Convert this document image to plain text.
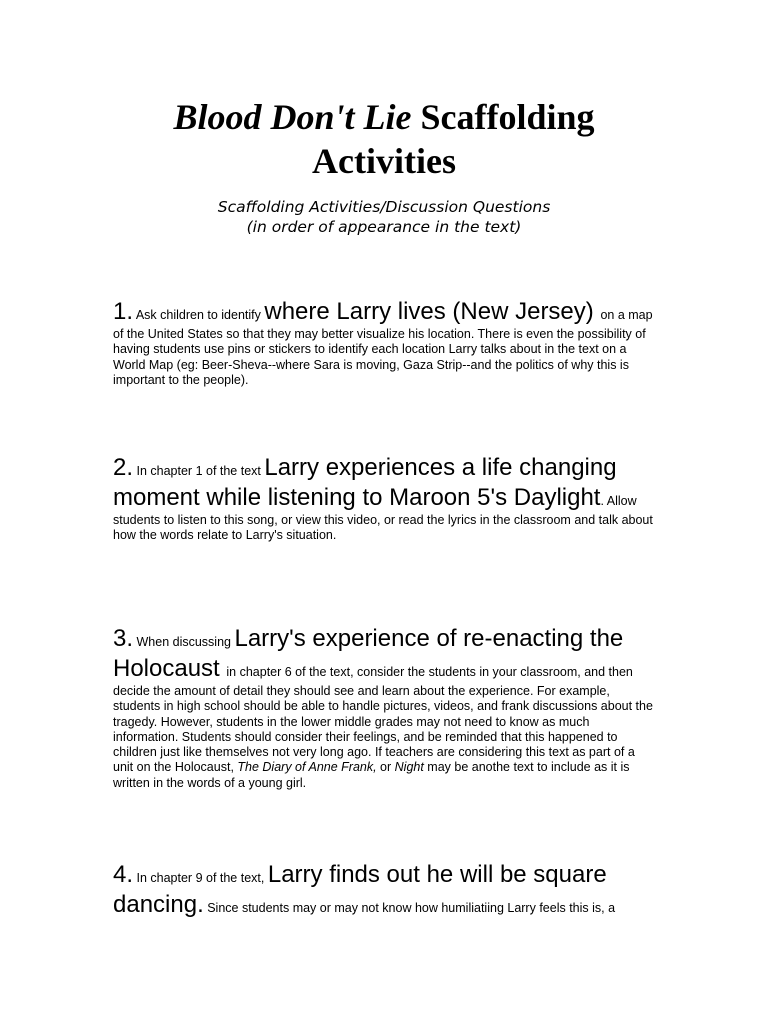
Blood Don't Lie Scaffolding
Activities
Scaffolding Activities/Discussion Questions
(in order of appearance in the text)
1. Ask children to identify where Larry lives (New Jersey) on a map of the United States so that they may better visualize his location. There is even the possibility of having students use pins or stickers to identify each location Larry talks about in the text on a World Map (eg: Beer-Sheva--where Sara is moving, Gaza Strip--and the politics of why this is important to the people).
2. In chapter 1 of the text Larry experiences a life changing moment while listening to Maroon 5's Daylight. Allow students to listen to this song, or view this video, or read the lyrics in the classroom and talk about how the words relate to Larry's situation.
3. When discussing Larry's experience of re-enacting the Holocaust in chapter 6 of the text, consider the students in your classroom, and then decide the amount of detail they should see and learn about the experience. For example, students in high school should be able to handle pictures, videos, and frank discussions about the tragedy. However, students in the lower middle grades may not need to know as much information. Students should consider their feelings, and be reminded that this happened to children just like themselves not very long ago. If teachers are considering this text as part of a unit on the Holocaust, The Diary of Anne Frank, or Night may be anothe text to include as it is written in the words of a young girl.
4. In chapter 9 of the text, Larry finds out he will be square dancing. Since students may or may not know how humiliatiing Larry feels this is, a
